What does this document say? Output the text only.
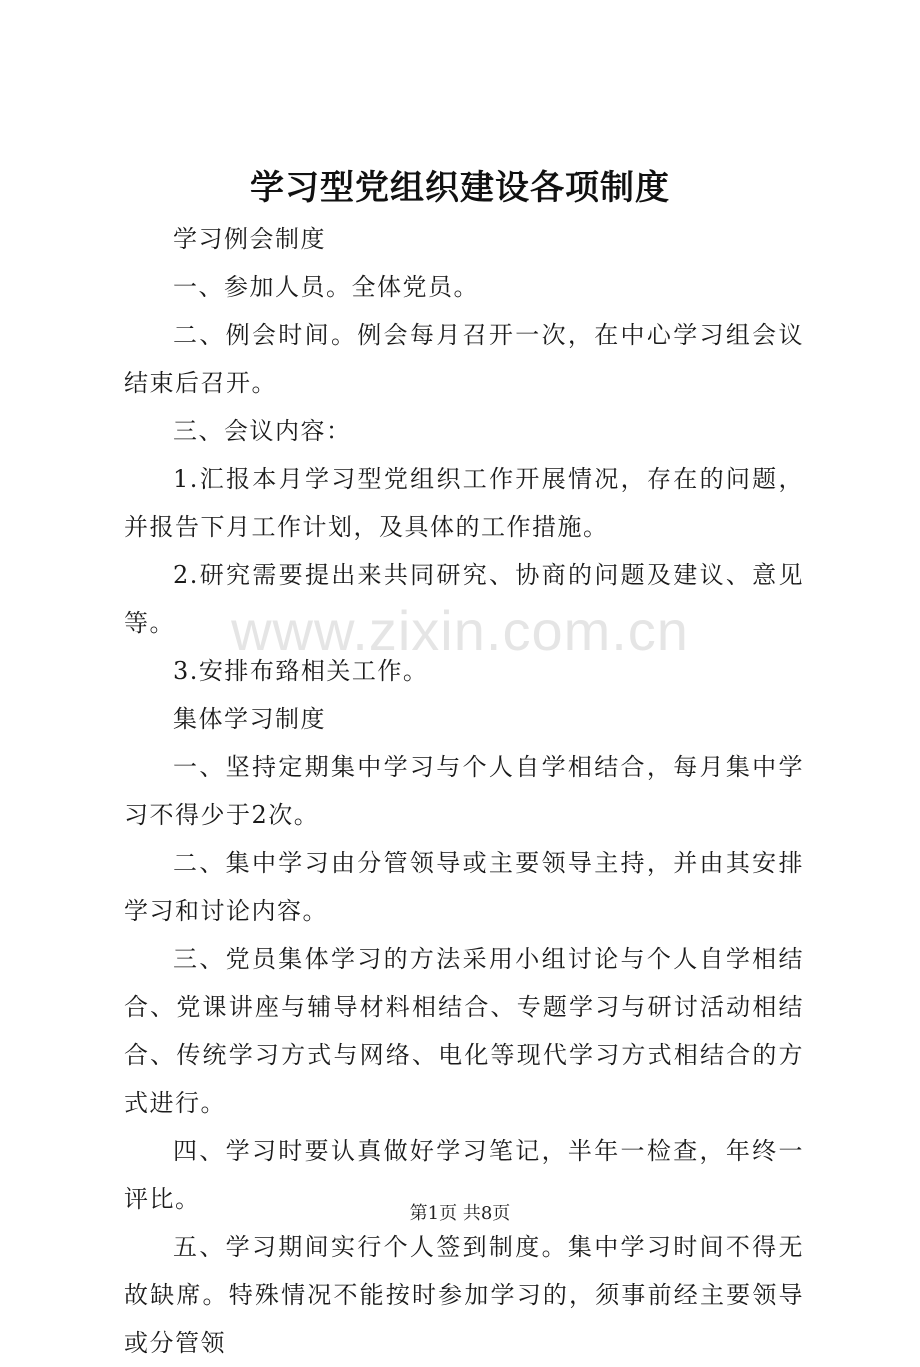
学习型党组织建设各项制度

学习例会制度

一、参加人员。全体党员。

二、例会时间。例会每月召开一次，在中心学习组会议结束后召开。

三、会议内容：

1.汇报本月学习型党组织工作开展情况，存在的问题，并报告下月工作计划，及具体的工作措施。

2.研究需要提出来共同研究、协商的问题及建议、意见等。

3.安排布臵相关工作。

集体学习制度

一、坚持定期集中学习与个人自学相结合，每月集中学习不得少于2次。

二、集中学习由分管领导或主要领导主持，并由其安排学习和讨论内容。

三、党员集体学习的方法采用小组讨论与个人自学相结合、党课讲座与辅导材料相结合、专题学习与研讨活动相结合、传统学习方式与网络、电化等现代学习方式相结合的方式进行。

四、学习时要认真做好学习笔记，半年一检查，年终一评比。

五、学习期间实行个人签到制度。集中学习时间不得无故缺席。特殊情况不能按时参加学习的，须事前经主要领导或分管领

www.zixin.com.cn
第1页 共8页
